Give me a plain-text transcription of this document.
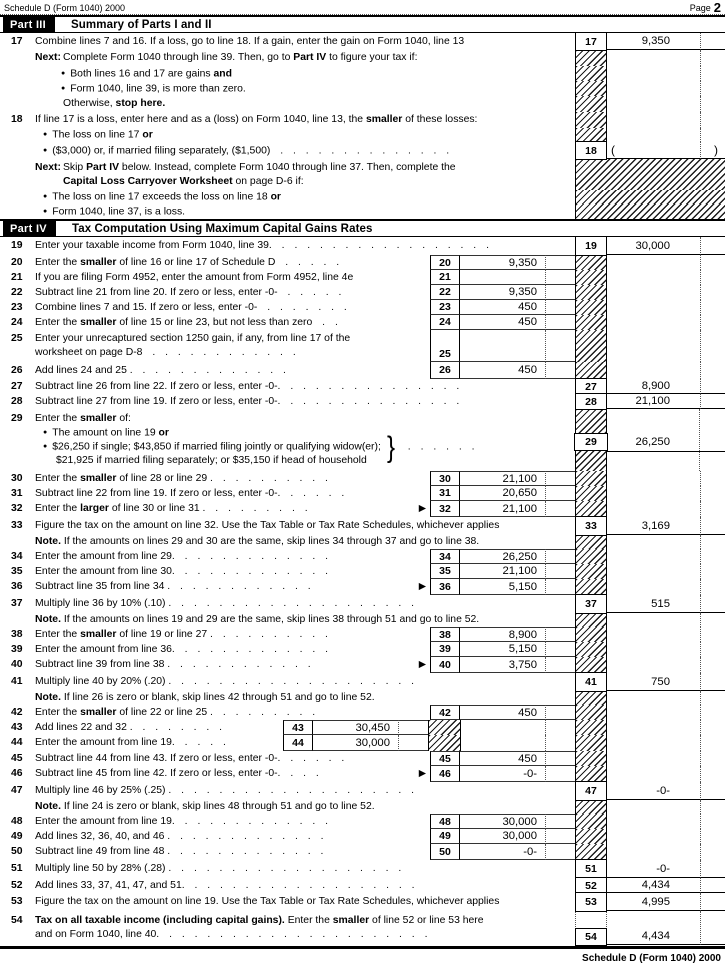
Schedule D (Form 1040) 2000	Page 2
Part III	Summary of Parts I and II
17 Combine lines 7 and 16. If a loss, go to line 18. If a gain, enter the gain on Form 1040, line 13	17	9,350
Next: Complete Form 1040 through line 39. Then, go to Part IV to figure your tax if:
● Both lines 16 and 17 are gains and
● Form 1040, line 39, is more than zero.
Otherwise, stop here.
18 If line 17 is a loss, enter here and as a (loss) on Form 1040, line 13, the smaller of these losses:
● The loss on line 17 or
● ($3,000) or, if married filing separately, ($1,500) . . . . . . . . . . . . . .	18	(	)
Next: Skip Part IV below. Instead, complete Form 1040 through line 37. Then, complete the
Capital Loss Carryover Worksheet on page D-6 if:
● The loss on line 17 exceeds the loss on line 18 or
● Form 1040, line 37, is a loss.
Part IV	Tax Computation Using Maximum Capital Gains Rates
19 Enter your taxable income from Form 1040, line 39. . . . . . . . . . . . . . . . . .	19	30,000
20 Enter the smaller of line 16 or line 17 of Schedule D . . . . .	20	9,350
21 If you are filing Form 4952, enter the amount from Form 4952, line 4e	21
22 Subtract line 21 from line 20. If zero or less, enter -0- . . . . .	22	9,350
23 Combine lines 7 and 15. If zero or less, enter -0- . . . . . . .	23	450
24 Enter the smaller of line 15 or line 23, but not less than zero . .	24	450
25 Enter your unrecaptured section 1250 gain, if any, from line 17 of the
worksheet on page D-8 . . . . . . . . . . . .	25
26 Add lines 24 and 25 . . . . . . . . . . . . .	26	450
27 Subtract line 26 from line 22. If zero or less, enter -0-. . . . . . . . . . . . . . .	27	8,900
28 Subtract line 27 from line 19. If zero or less, enter -0-. . . . . . . . . . . . . . .	28	21,100
29 Enter the smaller of:
● The amount on line 19 or
● $26,250 if single; $43,850 if married filing jointly or qualifying widow(er); } . . . . . .
$21,925 if married filing separately; or $35,150 if head of household
29	26,250
30 Enter the smaller of line 28 or line 29 . . . . . . . . . .	30	21,100
31 Subtract line 22 from line 19. If zero or less, enter -0-. . . . . .	31	20,650
32 Enter the larger of line 30 or line 31 . . . . . . . . .	▶	32	21,100
33 Figure the tax on the amount on line 32. Use the Tax Table or Tax Rate Schedules, whichever applies	33	3,169
Note. If the amounts on lines 29 and 30 are the same, skip lines 34 through 37 and go to line 38.
34 Enter the amount from line 29. . . . . . . . . . . . .	34	26,250
35 Enter the amount from line 30. . . . . . . . . . . . .	35	21,100
36 Subtract line 35 from line 34 . . . . . . . . . . . .	▶	36	5,150
37 Multiply line 36 by 10% (.10) . . . . . . . . . . . . . . . . . . . .	37	515
Note. If the amounts on lines 19 and 29 are the same, skip lines 38 through 51 and go to line 52.
38 Enter the smaller of line 19 or line 27 . . . . . . . . . .	38	8,900
39 Enter the amount from line 36. . . . . . . . . . . . .	39	5,150
40 Subtract line 39 from line 38 . . . . . . . . . . . .	▶	40	3,750
41 Multiply line 40 by 20% (.20) . . . . . . . . . . . . . . . . . . . .	41	750
Note. If line 26 is zero or blank, skip lines 42 through 51 and go to line 52.
42 Enter the smaller of line 22 or line 25 . . . . . . . . .	42	450
43 Add lines 22 and 32 . . . . . . . .	43	30,450
44 Enter the amount from line 19. . . . .	44	30,000
45 Subtract line 44 from line 43. If zero or less, enter -0-. . . . . .	45	450
46 Subtract line 45 from line 42. If zero or less, enter -0-. . . .	▶	46	-0-
47 Multiply line 46 by 25% (.25) . . . . . . . . . . . . . . . . . . . .	47	-0-
Note. If line 24 is zero or blank, skip lines 48 through 51 and go to line 52.
48 Enter the amount from line 19. . . . . . . . . . . . .	48	30,000
49 Add lines 32, 36, 40, and 46 . . . . . . . . . . . . .	49	30,000
50 Subtract line 49 from line 48 . . . . . . . . . . . . .	50	-0-
51 Multiply line 50 by 28% (.28) . . . . . . . . . . . . . . . . . . .	51	-0-
52 Add lines 33, 37, 41, 47, and 51. . . . . . . . . . . . . . . . . . .	52	4,434
53 Figure the tax on the amount on line 19. Use the Tax Table or Tax Rate Schedules, whichever applies	53	4,995
54 Tax on all taxable income (including capital gains). Enter the smaller of line 52 or line 53 here
and on Form 1040, line 40. . . . . . . . . . . . . . . . . . . . . .	54	4,434
Schedule D (Form 1040) 2000
